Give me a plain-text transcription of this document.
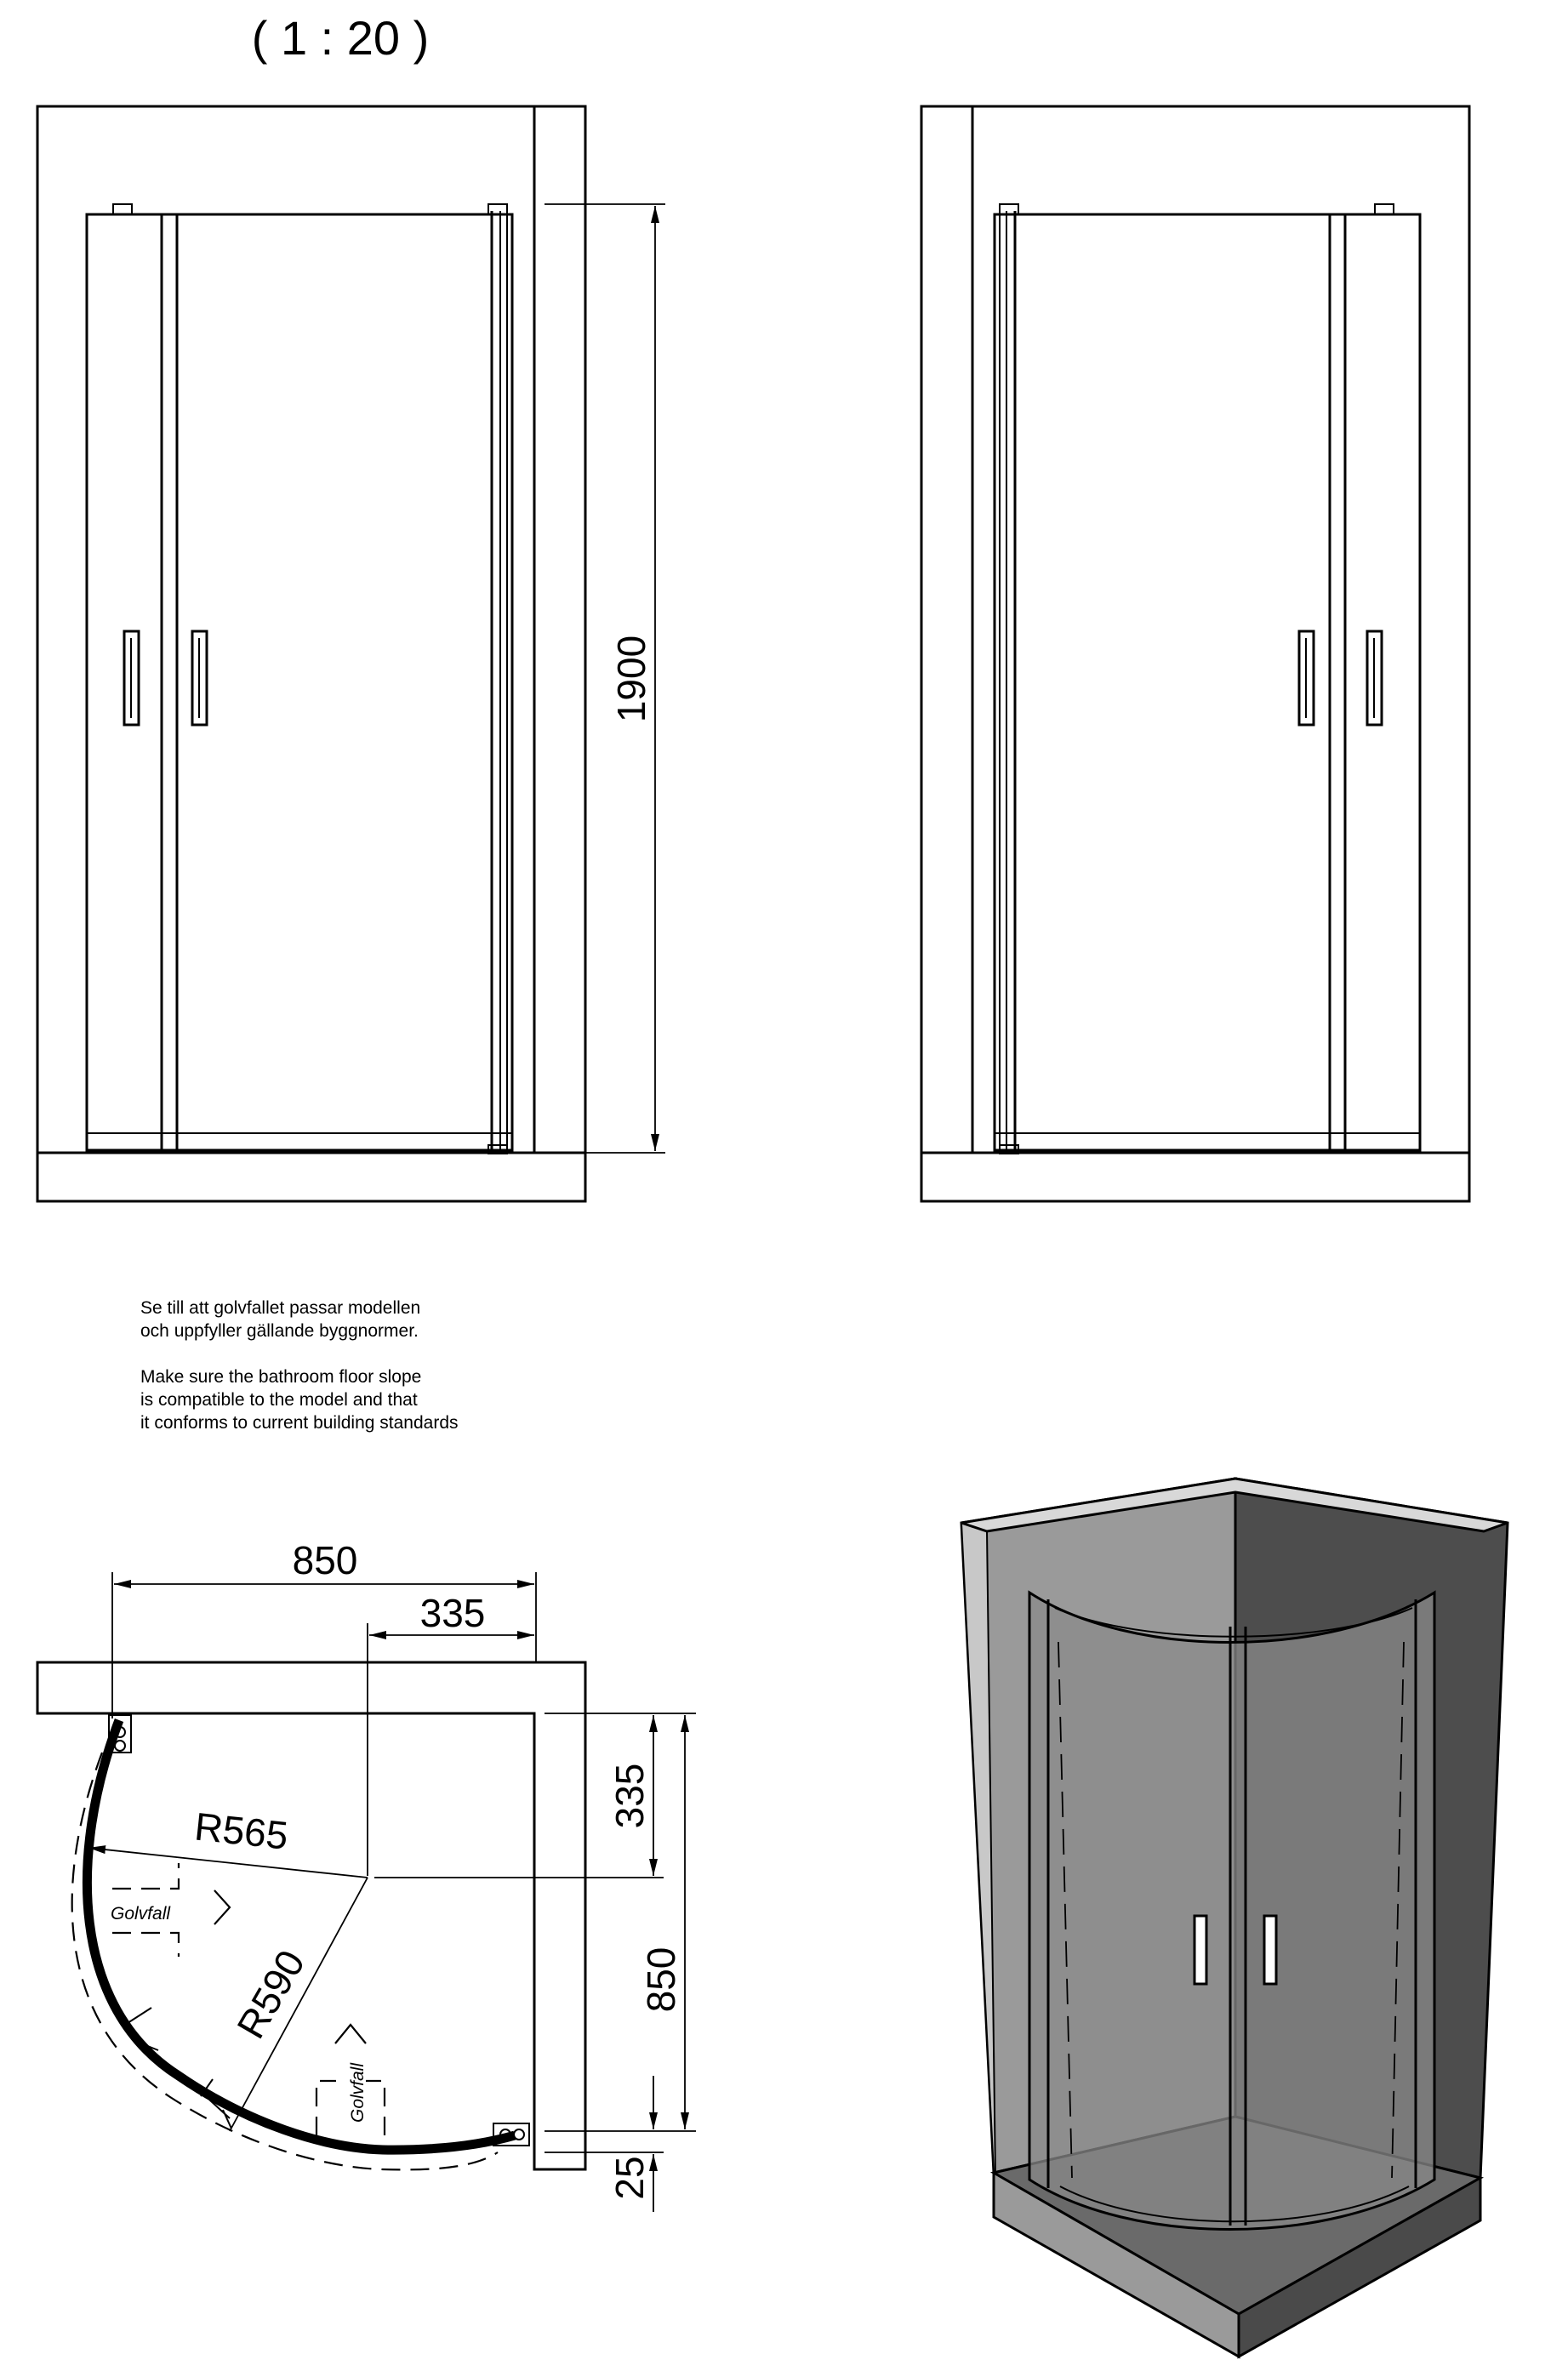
( 1 : 20 )
1900
850
335
335
850
25
R565
R590
Golvfall
Golvfall

Se till att golvfallet passar modellen

och uppfyller gällande byggnormer.

Make sure the bathroom floor slope

is compatible to the model and that

it conforms to current building standards
